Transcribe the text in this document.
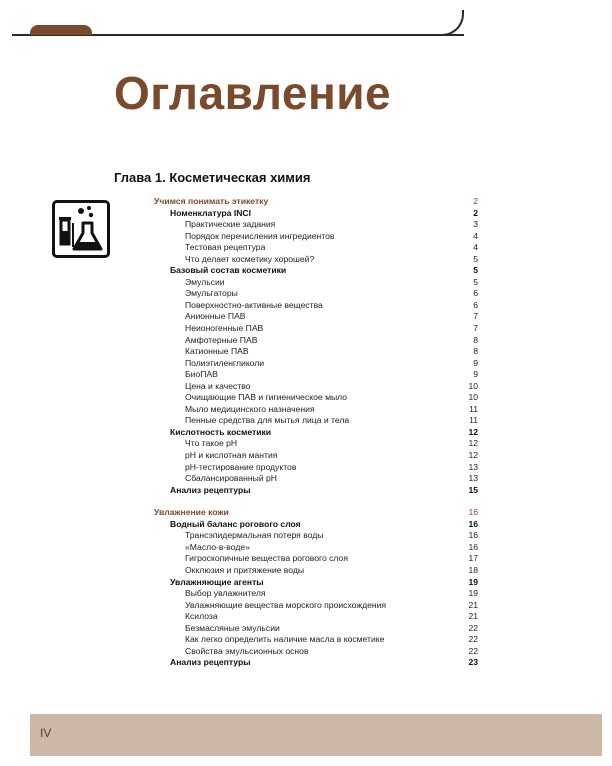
Оглавление
Глава 1. Косметическая химия
Учимся понимать этикетку	2
Номенклатура INCI	2
Практические задания	3
Порядок перечисления ингредиентов	4
Тестовая рецептура	4
Что делает косметику хорошей?	5
Базовый состав косметики	5
Эмульсии	5
Эмульгаторы	6
Поверхностно-активные вещества	6
Анионные ПАВ	7
Неионогенные ПАВ	7
Амфотерные ПАВ	8
Катионные ПАВ	8
Полиэтиленгликоли	9
БиоПАВ	9
Цена и качество	10
Очищающие ПАВ и гигиеническое мыло	10
Мыло медицинского назначения	11
Пенные средства для мытья лица и тела	11
Кислотность косметики	12
Что такое pH	12
pH и кислотная мантия	12
pH-тестирование продуктов	13
Сбалансированный pH	13
Анализ рецептуры	15
Увлажнение кожи	16
Водный баланс рогового слоя	16
Трансэпидермальная потеря воды	16
«Масло-в-воде»	16
Гигроскопичные вещества рогового слоя	17
Окклюзия и притяжение воды	18
Увлажняющие агенты	19
Выбор увлажнителя	19
Увлажняющие вещества морского происхождения	21
Ксилоза	21
Безмасляные эмульсии	22
Как легко определить наличие масла в косметике	22
Свойства эмульсионных основ	22
Анализ рецептуры	23
IV
